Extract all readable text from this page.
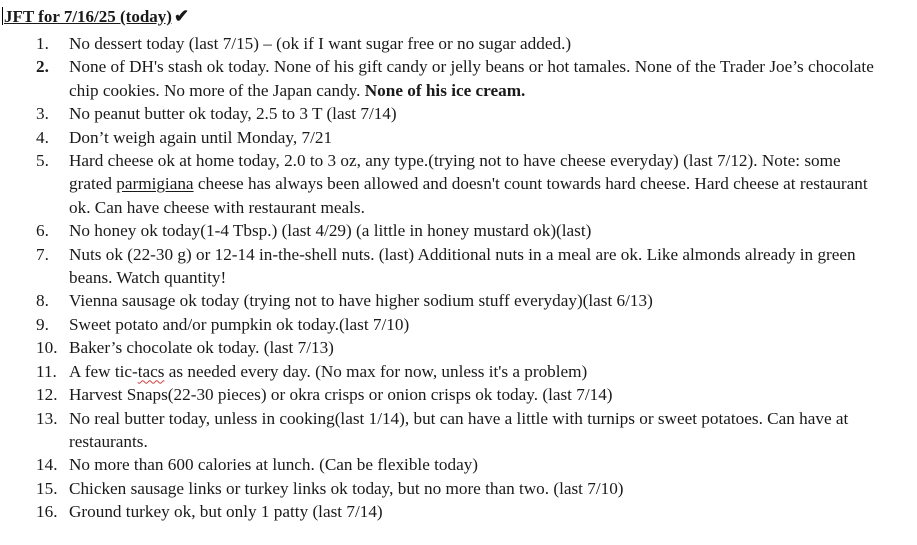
JFT for 7/16/25 (today) ✔
1.	No dessert today (last 7/15) – (ok if I want sugar free or no sugar added.)
2.	None of DH's stash ok today. None of his gift candy or jelly beans or hot tamales. None of the Trader Joe’s chocolate chip cookies. No more of the Japan candy. None of his ice cream.
3.	No peanut butter ok today, 2.5 to 3 T (last 7/14)
4.	Don’t weigh again until Monday, 7/21
5.	Hard cheese ok at home today, 2.0 to 3 oz, any type.(trying not to have cheese everyday) (last 7/12). Note: some grated parmigiana cheese has always been allowed and doesn't count towards hard cheese. Hard cheese at restaurant ok. Can have cheese with restaurant meals.
6.	No honey ok today(1-4 Tbsp.) (last 4/29) (a little in honey mustard ok)(last)
7.	Nuts ok (22-30 g) or 12-14 in-the-shell nuts. (last) Additional nuts in a meal are ok. Like almonds already in green beans. Watch quantity!
8.	Vienna sausage ok today (trying not to have higher sodium stuff everyday)(last 6/13)
9.	Sweet potato and/or pumpkin ok today.(last 7/10)
10. Baker’s chocolate ok today. (last 7/13)
11. A few tic-tacs as needed every day. (No max for now, unless it's a problem)
12. Harvest Snaps(22-30 pieces) or okra crisps or onion crisps ok today. (last 7/14)
13. No real butter today, unless in cooking(last 1/14), but can have a little with turnips or sweet potatoes. Can have at restaurants.
14. No more than 600 calories at lunch. (Can be flexible today)
15. Chicken sausage links or turkey links ok today, but no more than two. (last 7/10)
16. Ground turkey ok, but only 1 patty (last 7/14)
